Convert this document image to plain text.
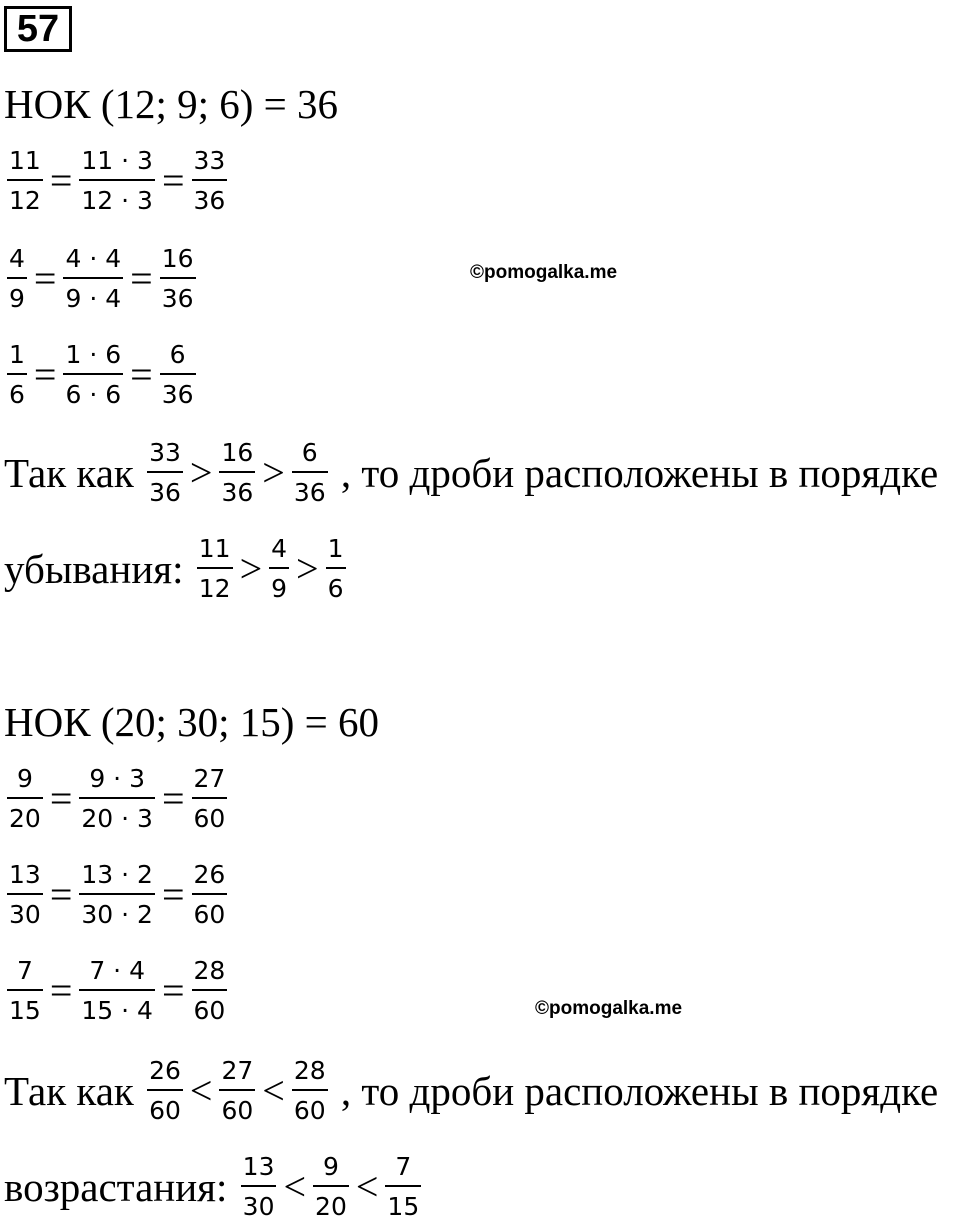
57
НОК (12; 9; 6) = 36
$\frac{11}{12} = \frac{11 \cdot 3}{12 \cdot 3} = \frac{33}{36}$
$\frac{4}{9} = \frac{4 \cdot 4}{9 \cdot 4} = \frac{16}{36}$
$\frac{1}{6} = \frac{1 \cdot 6}{6 \cdot 6} = \frac{6}{36}$
Так как
$\frac{33}{36} > \frac{16}{36} > \frac{6}{36}$
, то дроби расположены в порядке
убывания:
$\frac{11}{12} > \frac{4}{9} > \frac{1}{6}$
НОК (20; 30; 15) = 60
$\frac{9}{20} = \frac{9 \cdot 3}{20 \cdot 3} = \frac{27}{60}$
$\frac{13}{30} = \frac{13 \cdot 2}{30 \cdot 2} = \frac{26}{60}$
$\frac{7}{15} = \frac{7 \cdot 4}{15 \cdot 4} = \frac{28}{60}$
Так как
$\frac{26}{60} < \frac{27}{60} < \frac{28}{60}$
, то дроби расположены в порядке
возрастания:
$\frac{13}{30} < \frac{9}{20} < \frac{7}{15}$
©pomogalka.me
©pomogalka.me
